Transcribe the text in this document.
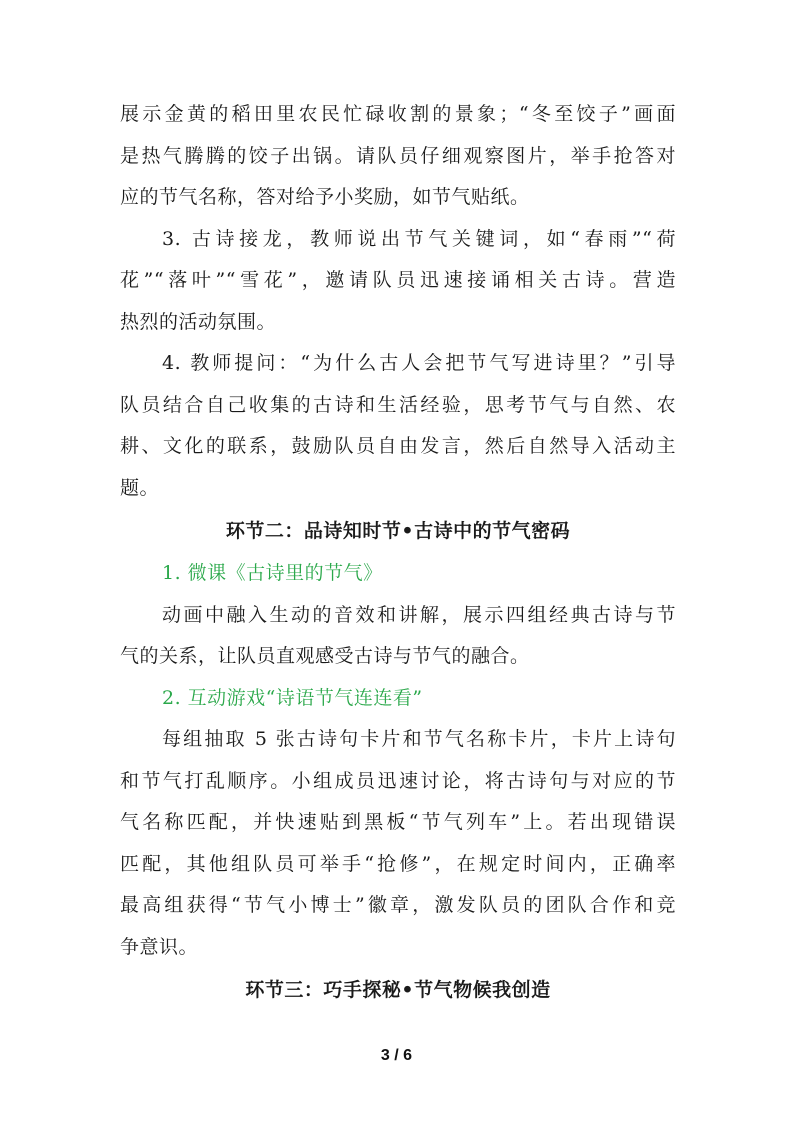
展示金黄的稻田里农民忙碌收割的景象；“冬至饺子”画面
是热气腾腾的饺子出锅。请队员仔细观察图片，举手抢答对
应的节气名称，答对给予小奖励，如节气贴纸。
3. 古诗接龙，教师说出节气关键词，如“春雨”“荷
花”“落叶”“雪花”，邀请队员迅速接诵相关古诗。营造
热烈的活动氛围。
4. 教师提问：“为什么古人会把节气写进诗里？”引导
队员结合自己收集的古诗和生活经验，思考节气与自然、农
耕、文化的联系，鼓励队员自由发言，然后自然导入活动主
题。
环节二：品诗知时节•古诗中的节气密码
1. 微课《古诗里的节气》
动画中融入生动的音效和讲解，展示四组经典古诗与节
气的关系，让队员直观感受古诗与节气的融合。
2. 互动游戏“诗语节气连连看”
每组抽取 5 张古诗句卡片和节气名称卡片，卡片上诗句
和节气打乱顺序。小组成员迅速讨论，将古诗句与对应的节
气名称匹配，并快速贴到黑板“节气列车”上。若出现错误
匹配，其他组队员可举手“抢修”，在规定时间内，正确率
最高组获得“节气小博士”徽章，激发队员的团队合作和竞
争意识。
环节三：巧手探秘•节气物候我创造
3 / 6
